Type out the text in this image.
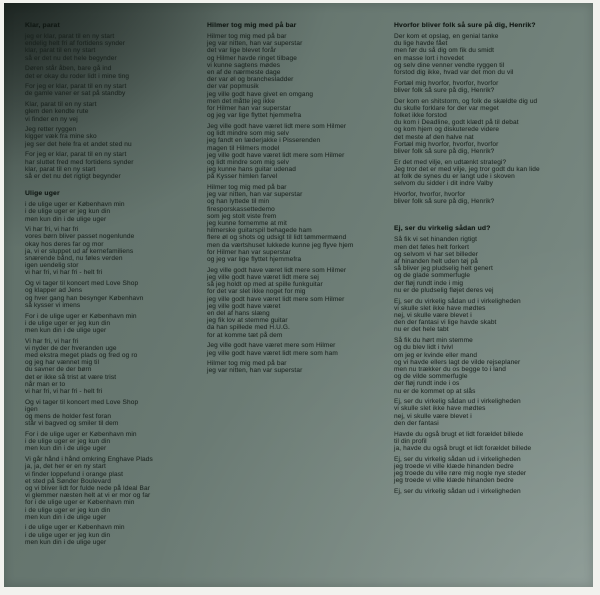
Klar, parat

jeg er klar, parat til en ny start
endelig helt fri af fortidens synder
klar, parat til en ny start
så er det nu det hele begynder

Døren står åben, bare gå ind
det er okay du roder lidt i mine ting

For jeg er klar, parat til en ny start
de gamle vaner er sat på standby

Klar, parat til en ny start
glem den kendte rute
vi finder en ny vej

Jeg retter ryggen
kigger væk fra mine sko
jeg ser det hele fra et andet sted nu

For jeg er klar, parat til en ny start
har sluttet fred med fortidens synder
klar, parat til en ny start
så er det nu det rigtigt begynder

Ulige uger

i de ulige uger er København min
i de ulige uger er jeg kun din
men kun din i de ulige uger

Vi har fri, vi har fri
vores børn bliver passet nogenlunde
okay hos deres far og mor
ja, vi er sluppet ud af kernefamiliens
snærende bånd, nu føles verden
igen uendelig stor
vi har fri, vi har fri - helt fri

Og vi tager til koncert med Love Shop
og klapper ad Jens
og hver gang han besynger København
så kysser vi imens

For i de ulige uger er København min
i de ulige uger er jeg kun din
men kun din i de ulige uger

Vi har fri, vi har fri
vi nyder de der hveranden uge
med ekstra meget plads og fred og ro
og jeg har vænnet mig til
du savner de der børn
det er ikke så trist at være trist
når man er to
vi har fri, vi har fri - helt fri

Og vi tager til koncert med Love Shop
igen
og mens de holder fest foran
står vi bagved og smiler til dem

For i de ulige uger er København min
i de ulige uger er jeg kun din
men kun din i de ulige uger

Vi går hånd i hånd omkring Enghave Plads
ja, ja, det her er en ny start
vi finder loppefund i orange plast
et sted på Sønder Boulevard
og vi bliver lidt for fulde nede på Ideal Bar
vi glemmer næsten helt at vi er mor og far
for i de ulige uger er København min
i de ulige uger er jeg kun din
men kun din i de ulige uger

i de ulige uger er København min
i de ulige uger er jeg kun din
men kun din i de ulige uger

Hilmer tog mig med på bar

Hilmer tog mig med på bar
jeg var nitten, han var superstar
det var lige blevet forår
og Hilmer havde ringet tilbage
vi kunne sagtens mødes
en af de nærmeste dage
der var øl og branchesladder
der var popmusik
jeg ville godt have givet en omgang
men det måtte jeg ikke
for Hilmer han var superstar
og jeg var lige flyttet hjemmefra

Jeg ville godt have været lidt mere som Hilmer
og lidt mindre som mig selv
jeg fandt en læderjakke i Pisserenden
magen til Hilmers model
jeg ville godt have været lidt mere som Hilmer
og lidt mindre som mig selv
jeg kunne hans guitar udenad
på Kysser himlen farvel

Hilmer tog mig med på bar
jeg var nitten, han var superstar
og han lyttede til min
firesporskassettedemo
som jeg stolt viste frem
jeg kunne fornemme at mit
hilmerske guitarspil behagede ham
flere øl og shots og udsigt til lidt tømmermænd
men da værtshuset lukkede kunne jeg flyve hjem
for Hilmer han var superstar
og jeg var lige flyttet hjemmefra

Jeg ville godt have været lidt mere som Hilmer
jeg ville godt have været lidt mere sej
så jeg holdt op med at spille funkguitar
for det var slet ikke noget for mig
jeg ville godt have været lidt mere som Hilmer
jeg ville godt have været
en del af hans slæng
jeg fik lov at stemme guitar
da han spillede med H.U.G.
for at komme tæt på dem

Jeg ville godt have været mere som Hilmer
jeg ville godt have været lidt mere som ham

Hilmer tog mig med på bar
jeg var nitten, han var superstar

Hvorfor bliver folk så sure på dig, Henrik?

Der kom et opslag, en genial tanke
du lige havde fået
men før du så dig om fik du smidt
en masse lort i hovedet
og selv dine venner vendte ryggen til
forstod dig ikke, hvad var det mon du vil

Fortæl mig hvorfor, hvorfor, hvorfor
bliver folk så sure på dig, Henrik?

Der kom en shitstorm, og folk de skældte dig ud
du skulle forklare for der var meget
folket ikke forstod
du kom i Deadline, godt klædt på til debat
og kom hjem og diskuterede videre
det meste af den halve nat
Fortæl mig hvorfor, hvorfor, hvorfor
bliver folk så sure på dig, Henrik?

Er det med vilje, en udtænkt strategi?
Jeg tror det er med vilje, jeg tror godt du kan lide
at folk de synes du er langt ude i skoven
selvom du sidder i dit indre Valby

Hvorfor, hvorfor, hvorfor
bliver folk så sure på dig, Henrik?

Ej, ser du virkelig sådan ud?

Så fik vi set hinanden rigtigt
men det føles helt forkert
og selvom vi har set billeder
af hinanden helt uden tøj på
så bliver jeg pludselig helt genert
og de glade sommerfugle
der fløj rundt inde i mig
nu er de pludselig fløjet deres vej

Ej, ser du virkelig sådan ud i virkeligheden
vi skulle slet ikke have mødtes
nej, vi skulle være blevet i
den der fantasi vi lige havde skabt
nu er det hele tabt

Så fik du hørt min stemme
og du blev lidt i tvivl
om jeg er kvinde eller mand
og vi havde ellers lagt de vilde rejseplaner
men nu trækker du os begge to i land
og de vilde sommerfugle
der fløj rundt inde i os
nu er de kommet op at slås

Ej, ser du virkelig sådan ud i virkeligheden
vi skulle slet ikke have mødtes
nej, vi skulle være blevet i
den der fantasi

Havde du også brugt et lidt forældet billede
til din profil
ja, havde du også brugt et lidt forældet billede

Ej, ser du virkelig sådan ud i virkeligheden
jeg troede vi ville klæde hinanden bedre
jeg troede du ville røre mig nogle nye steder
jeg troede vi ville klæde hinanden bedre

Ej, ser du virkelig sådan ud i virkeligheden
